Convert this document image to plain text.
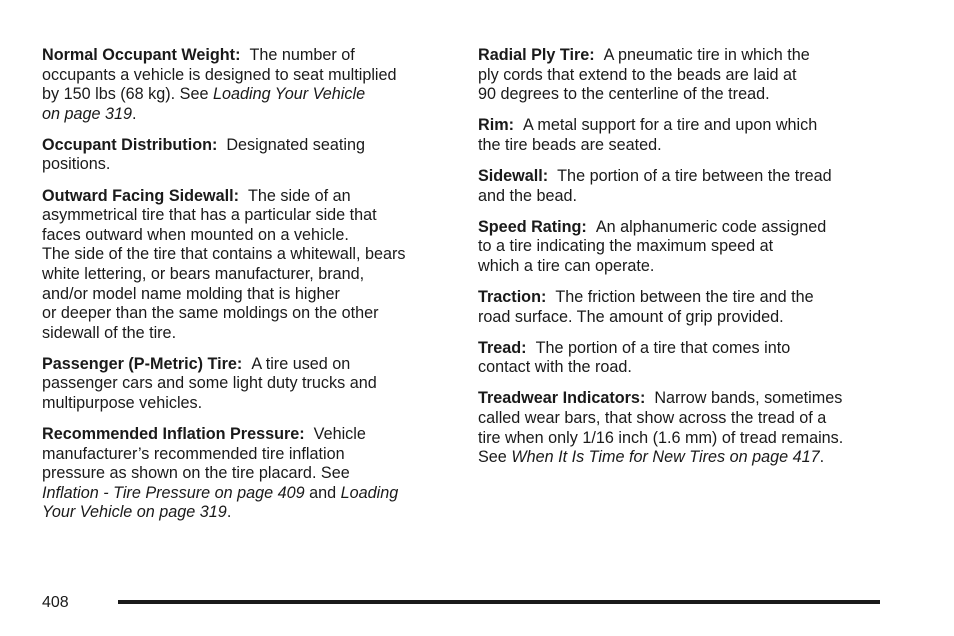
Normal Occupant Weight: The number of
occupants a vehicle is designed to seat multiplied
by 150 lbs (68 kg). See Loading Your Vehicle
on page 319.
Occupant Distribution: Designated seating
positions.
Outward Facing Sidewall: The side of an
asymmetrical tire that has a particular side that
faces outward when mounted on a vehicle.
The side of the tire that contains a whitewall, bears
white lettering, or bears manufacturer, brand,
and/or model name molding that is higher
or deeper than the same moldings on the other
sidewall of the tire.
Passenger (P-Metric) Tire: A tire used on
passenger cars and some light duty trucks and
multipurpose vehicles.
Recommended Inflation Pressure: Vehicle
manufacturer’s recommended tire inflation
pressure as shown on the tire placard. See
Inflation - Tire Pressure on page 409 and Loading
Your Vehicle on page 319.
Radial Ply Tire: A pneumatic tire in which the
ply cords that extend to the beads are laid at
90 degrees to the centerline of the tread.
Rim: A metal support for a tire and upon which
the tire beads are seated.
Sidewall: The portion of a tire between the tread
and the bead.
Speed Rating: An alphanumeric code assigned
to a tire indicating the maximum speed at
which a tire can operate.
Traction: The friction between the tire and the
road surface. The amount of grip provided.
Tread: The portion of a tire that comes into
contact with the road.
Treadwear Indicators: Narrow bands, sometimes
called wear bars, that show across the tread of a
tire when only 1/16 inch (1.6 mm) of tread remains.
See When It Is Time for New Tires on page 417.
408
